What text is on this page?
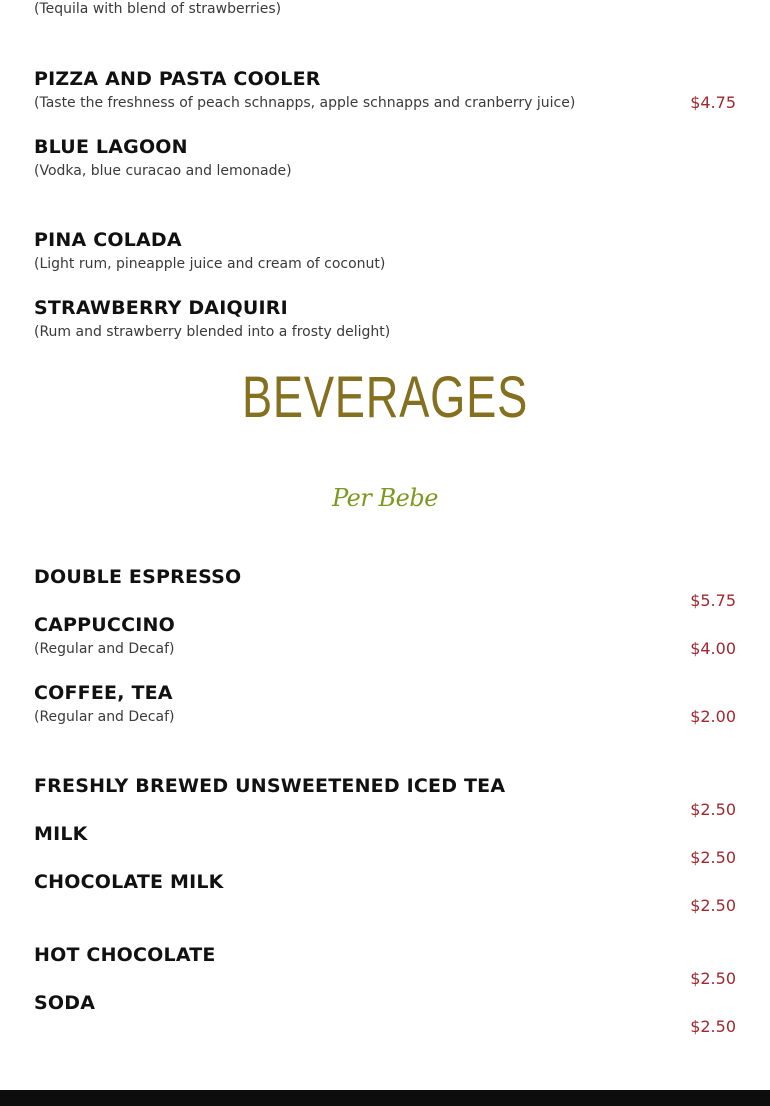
(Tequila with blend of strawberries)
PIZZA AND PASTA COOLER
(Taste the freshness of peach schnapps, apple schnapps and cranberry juice)	$4.75
BLUE LAGOON
(Vodka, blue curacao and lemonade)
PINA COLADA
(Light rum, pineapple juice and cream of coconut)
STRAWBERRY DAIQUIRI
(Rum and strawberry blended into a frosty delight)
BEVERAGES
Per Bebe
DOUBLE ESPRESSO
$5.75
CAPPUCCINO
(Regular and Decaf)	$4.00
COFFEE, TEA
(Regular and Decaf)	$2.00
FRESHLY BREWED UNSWEETENED ICED TEA
$2.50
MILK
$2.50
CHOCOLATE MILK
$2.50
HOT CHOCOLATE
$2.50
SODA
$2.50
